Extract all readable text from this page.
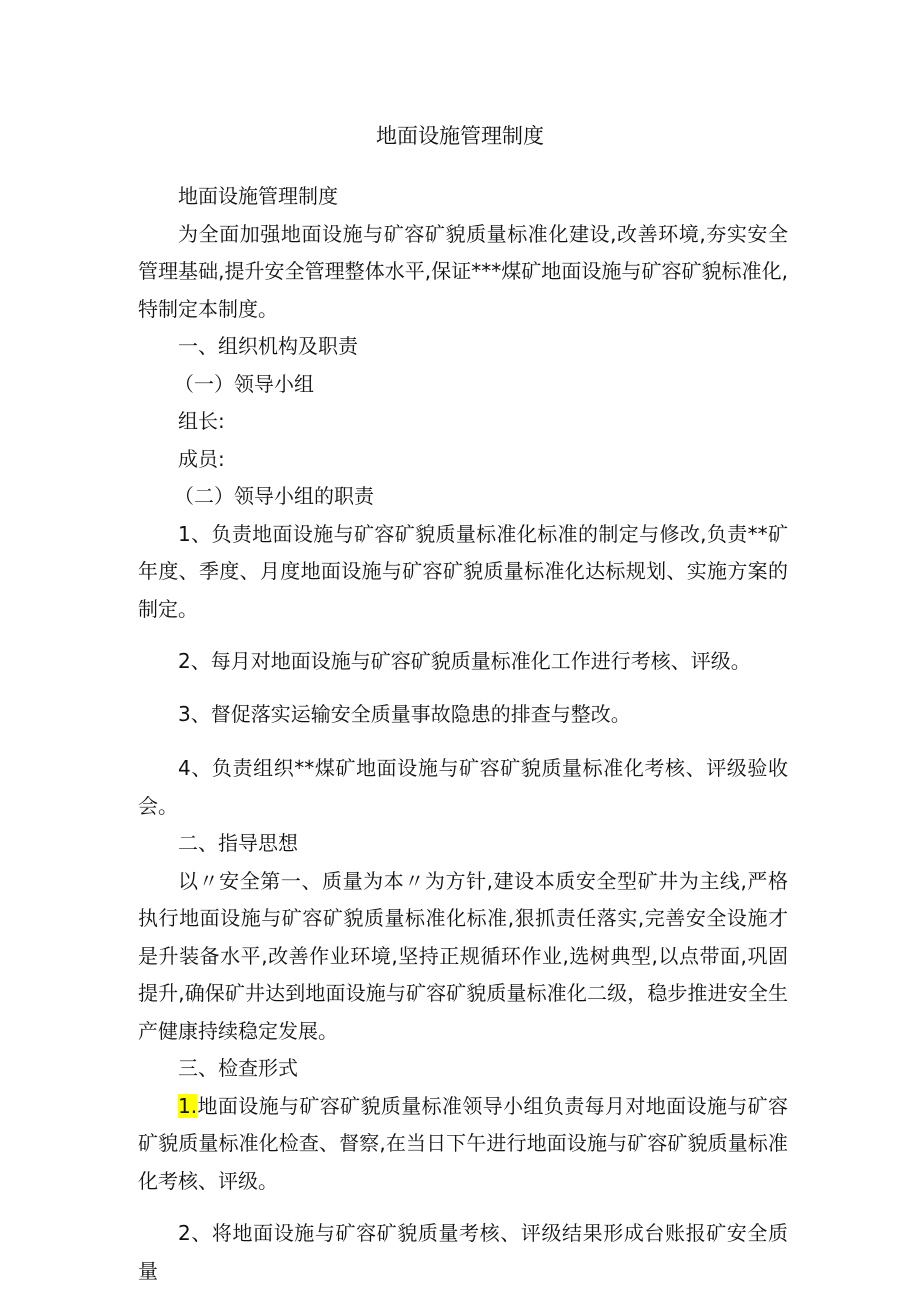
地面设施管理制度

地面设施管理制度

为全面加强地面设施与矿容矿貌质量标准化建设,改善环境,夯实安全管理基础,提升安全管理整体水平,保证***煤矿地面设施与矿容矿貌标准化,特制定本制度。

一、组织机构及职责

（一）领导小组

组长:

成员:

（二）领导小组的职责

1、负责地面设施与矿容矿貌质量标准化标准的制定与修改,负责**矿年度、季度、月度地面设施与矿容矿貌质量标准化达标规划、实施方案的制定。

2、每月对地面设施与矿容矿貌质量标准化工作进行考核、评级。

3、督促落实运输安全质量事故隐患的排查与整改。

4、负责组织**煤矿地面设施与矿容矿貌质量标准化考核、评级验收会。

二、指导思想

以〃安全第一、质量为本〃为方针,建设本质安全型矿井为主线,严格执行地面设施与矿容矿貌质量标准化标准,狠抓责任落实,完善安全设施才是升装备水平,改善作业环境,坚持正规循环作业,选树典型,以点带面,巩固提升,确保矿井达到地面设施与矿容矿貌质量标准化二级，稳步推进安全生产健康持续稳定发展。

三、检查形式

1.地面设施与矿容矿貌质量标准领导小组负责每月对地面设施与矿容矿貌质量标准化检查、督察,在当日下午进行地面设施与矿容矿貌质量标准化考核、评级。

2、将地面设施与矿容矿貌质量考核、评级结果形成台账报矿安全质量
